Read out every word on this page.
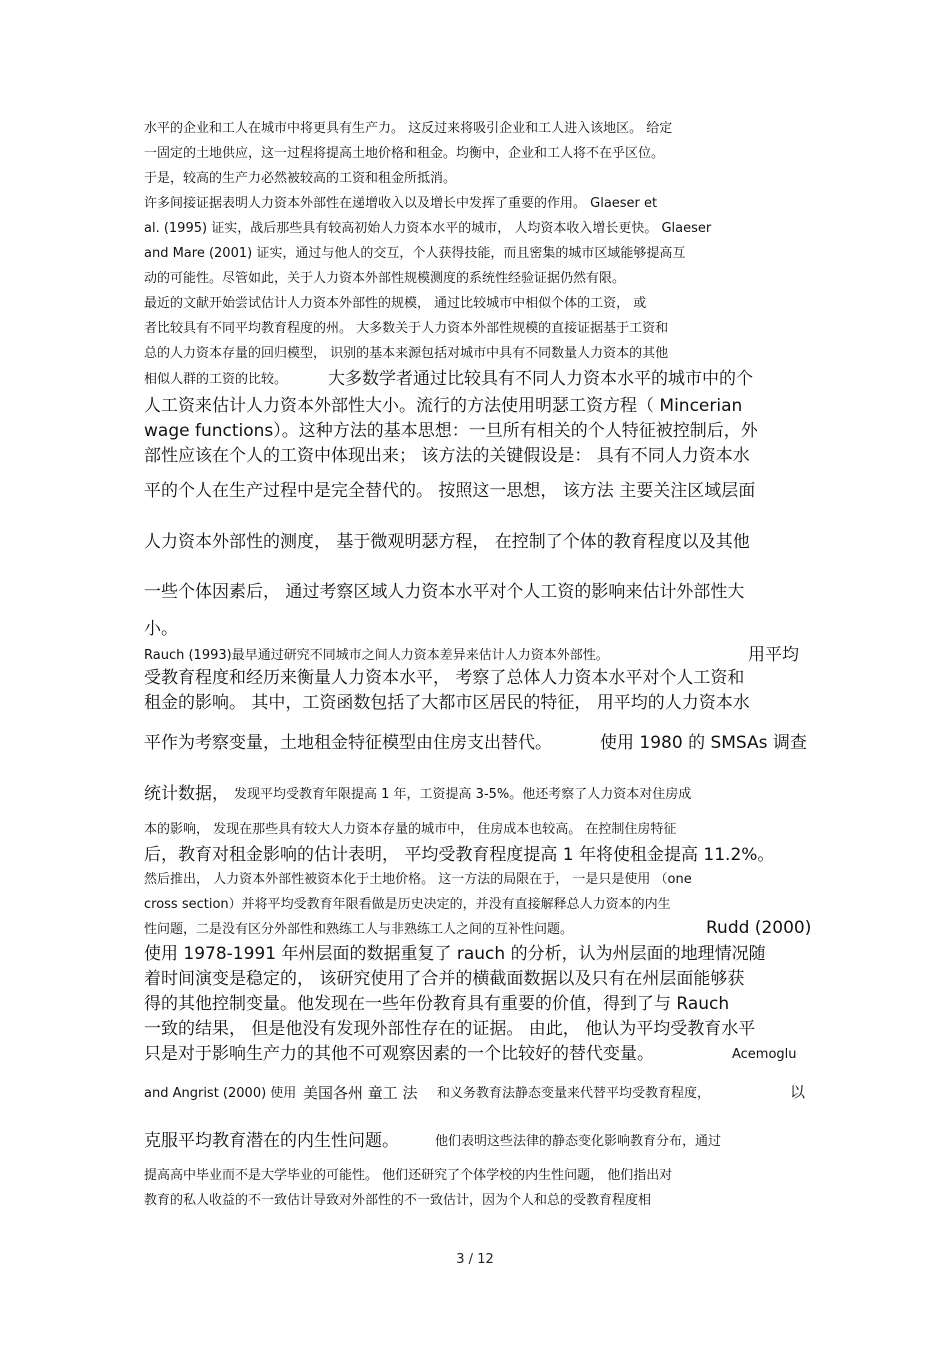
水平的企业和工人在城市中将更具有生产力。 这反过来将吸引企业和工人进入该地区。 给定
一固定的土地供应，这一过程将提高土地价格和租金。均衡中，企业和工人将不在乎区位。
于是，较高的生产力必然被较高的工资和租金所抵消。
许多间接证据表明人力资本外部性在递增收入以及增长中发挥了重要的作用。 Glaeser et
al. (1995) 证实，战后那些具有较高初始人力资本水平的城市， 人均资本收入增长更快。 Glaeser
and Mare (2001) 证实，通过与他人的交互，个人获得技能，而且密集的城市区域能够提高互
动的可能性。尽管如此，关于人力资本外部性规模测度的系统性经验证据仍然有限。
最近的文献开始尝试估计人力资本外部性的规模， 通过比较城市中相似个体的工资， 或
者比较具有不同平均教育程度的州。 大多数关于人力资本外部性规模的直接证据基于工资和
总的人力资本存量的回归模型， 识别的基本来源包括对城市中具有不同数量人力资本的其他
相似人群的工资的比较。	大多数学者通过比较具有不同人力资本水平的城市中的个
人工资来估计人力资本外部性大小。流行的方法使用明瑟工资方程（ Mincerian
wage functions）。这种方法的基本思想：一旦所有相关的个人特征被控制后，外
部性应该在个人的工资中体现出来； 该方法的关键假设是： 具有不同人力资本水
平的个人在生产过程中是完全替代的。 按照这一思想， 该方法 主要关注区域层面
人力资本外部性的测度， 基于微观明瑟方程， 在控制了个体的教育程度以及其他
一些个体因素后， 通过考察区域人力资本水平对个人工资的影响来估计外部性大
小。
Rauch (1993)最早通过研究不同城市之间人力资本差异来估计人力资本外部性。	用平均
受教育程度和经历来衡量人力资本水平， 考察了总体人力资本水平对个人工资和
租金的影响。 其中，工资函数包括了大都市区居民的特征， 用平均的人力资本水
平作为考察变量，土地租金特征模型由住房支出替代。	使用 1980 的 SMSAs 调查
统计数据， 发现平均受教育年限提高 1 年，工资提高 3-5%。他还考察了人力资本对住房成
本的影响， 发现在那些具有较大人力资本存量的城市中， 住房成本也较高。 在控制住房特征
后，教育对租金影响的估计表明， 平均受教育程度提高 1 年将使租金提高 11.2%。
然后推出， 人力资本外部性被资本化于土地价格。 这一方法的局限在于， 一是只是使用 （one
cross section）并将平均受教育年限看做是历史决定的，并没有直接解释总人力资本的内生
性问题，二是没有区分外部性和熟练工人与非熟练工人之间的互补性问题。	Rudd (2000)
使用 1978-1991 年州层面的数据重复了 rauch 的分析，认为州层面的地理情况随
着时间演变是稳定的， 该研究使用了合并的横截面数据以及只有在州层面能够获
得的其他控制变量。他发现在一些年份教育具有重要的价值，得到了与 Rauch
一致的结果， 但是他没有发现外部性存在的证据。 由此， 他认为平均受教育水平
只是对于影响生产力的其他不可观察因素的一个比较好的替代变量。	Acemoglu
and Angrist (2000) 使用 美国各州 童工 法	和义务教育法静态变量来代替平均受教育程度，	以
克服平均教育潜在的内生性问题。	他们表明这些法律的静态变化影响教育分布，通过
提高高中毕业而不是大学毕业的可能性。 他们还研究了个体学校的内生性问题， 他们指出对
教育的私人收益的不一致估计导致对外部性的不一致估计，因为个人和总的受教育程度相
3 / 12
